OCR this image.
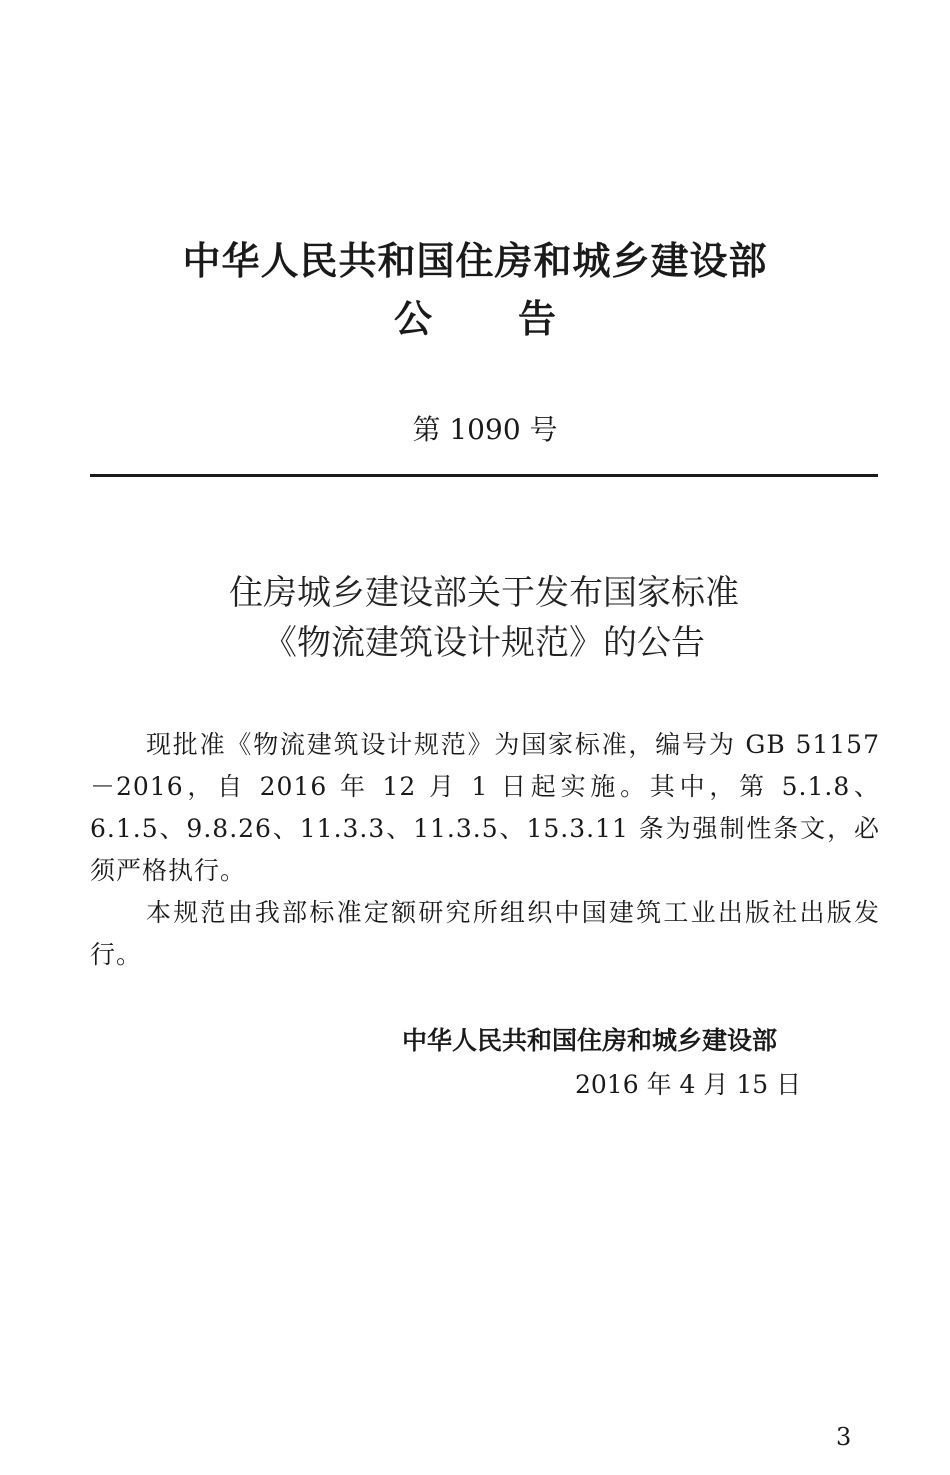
中华人民共和国住房和城乡建设部
公告
第 1090 号
住房城乡建设部关于发布国家标准
《物流建筑设计规范》的公告

现批准《物流建筑设计规范》为国家标准，编号为 GB 51157－2016，自 2016 年 12 月 1 日起实施。其中，第 5.1.8、6.1.5、9.8.26、11.3.3、11.3.5、15.3.11 条为强制性条文，必须严格执行。

本规范由我部标准定额研究所组织中国建筑工业出版社出版发行。

中华人民共和国住房和城乡建设部
2016 年 4 月 15 日
3
